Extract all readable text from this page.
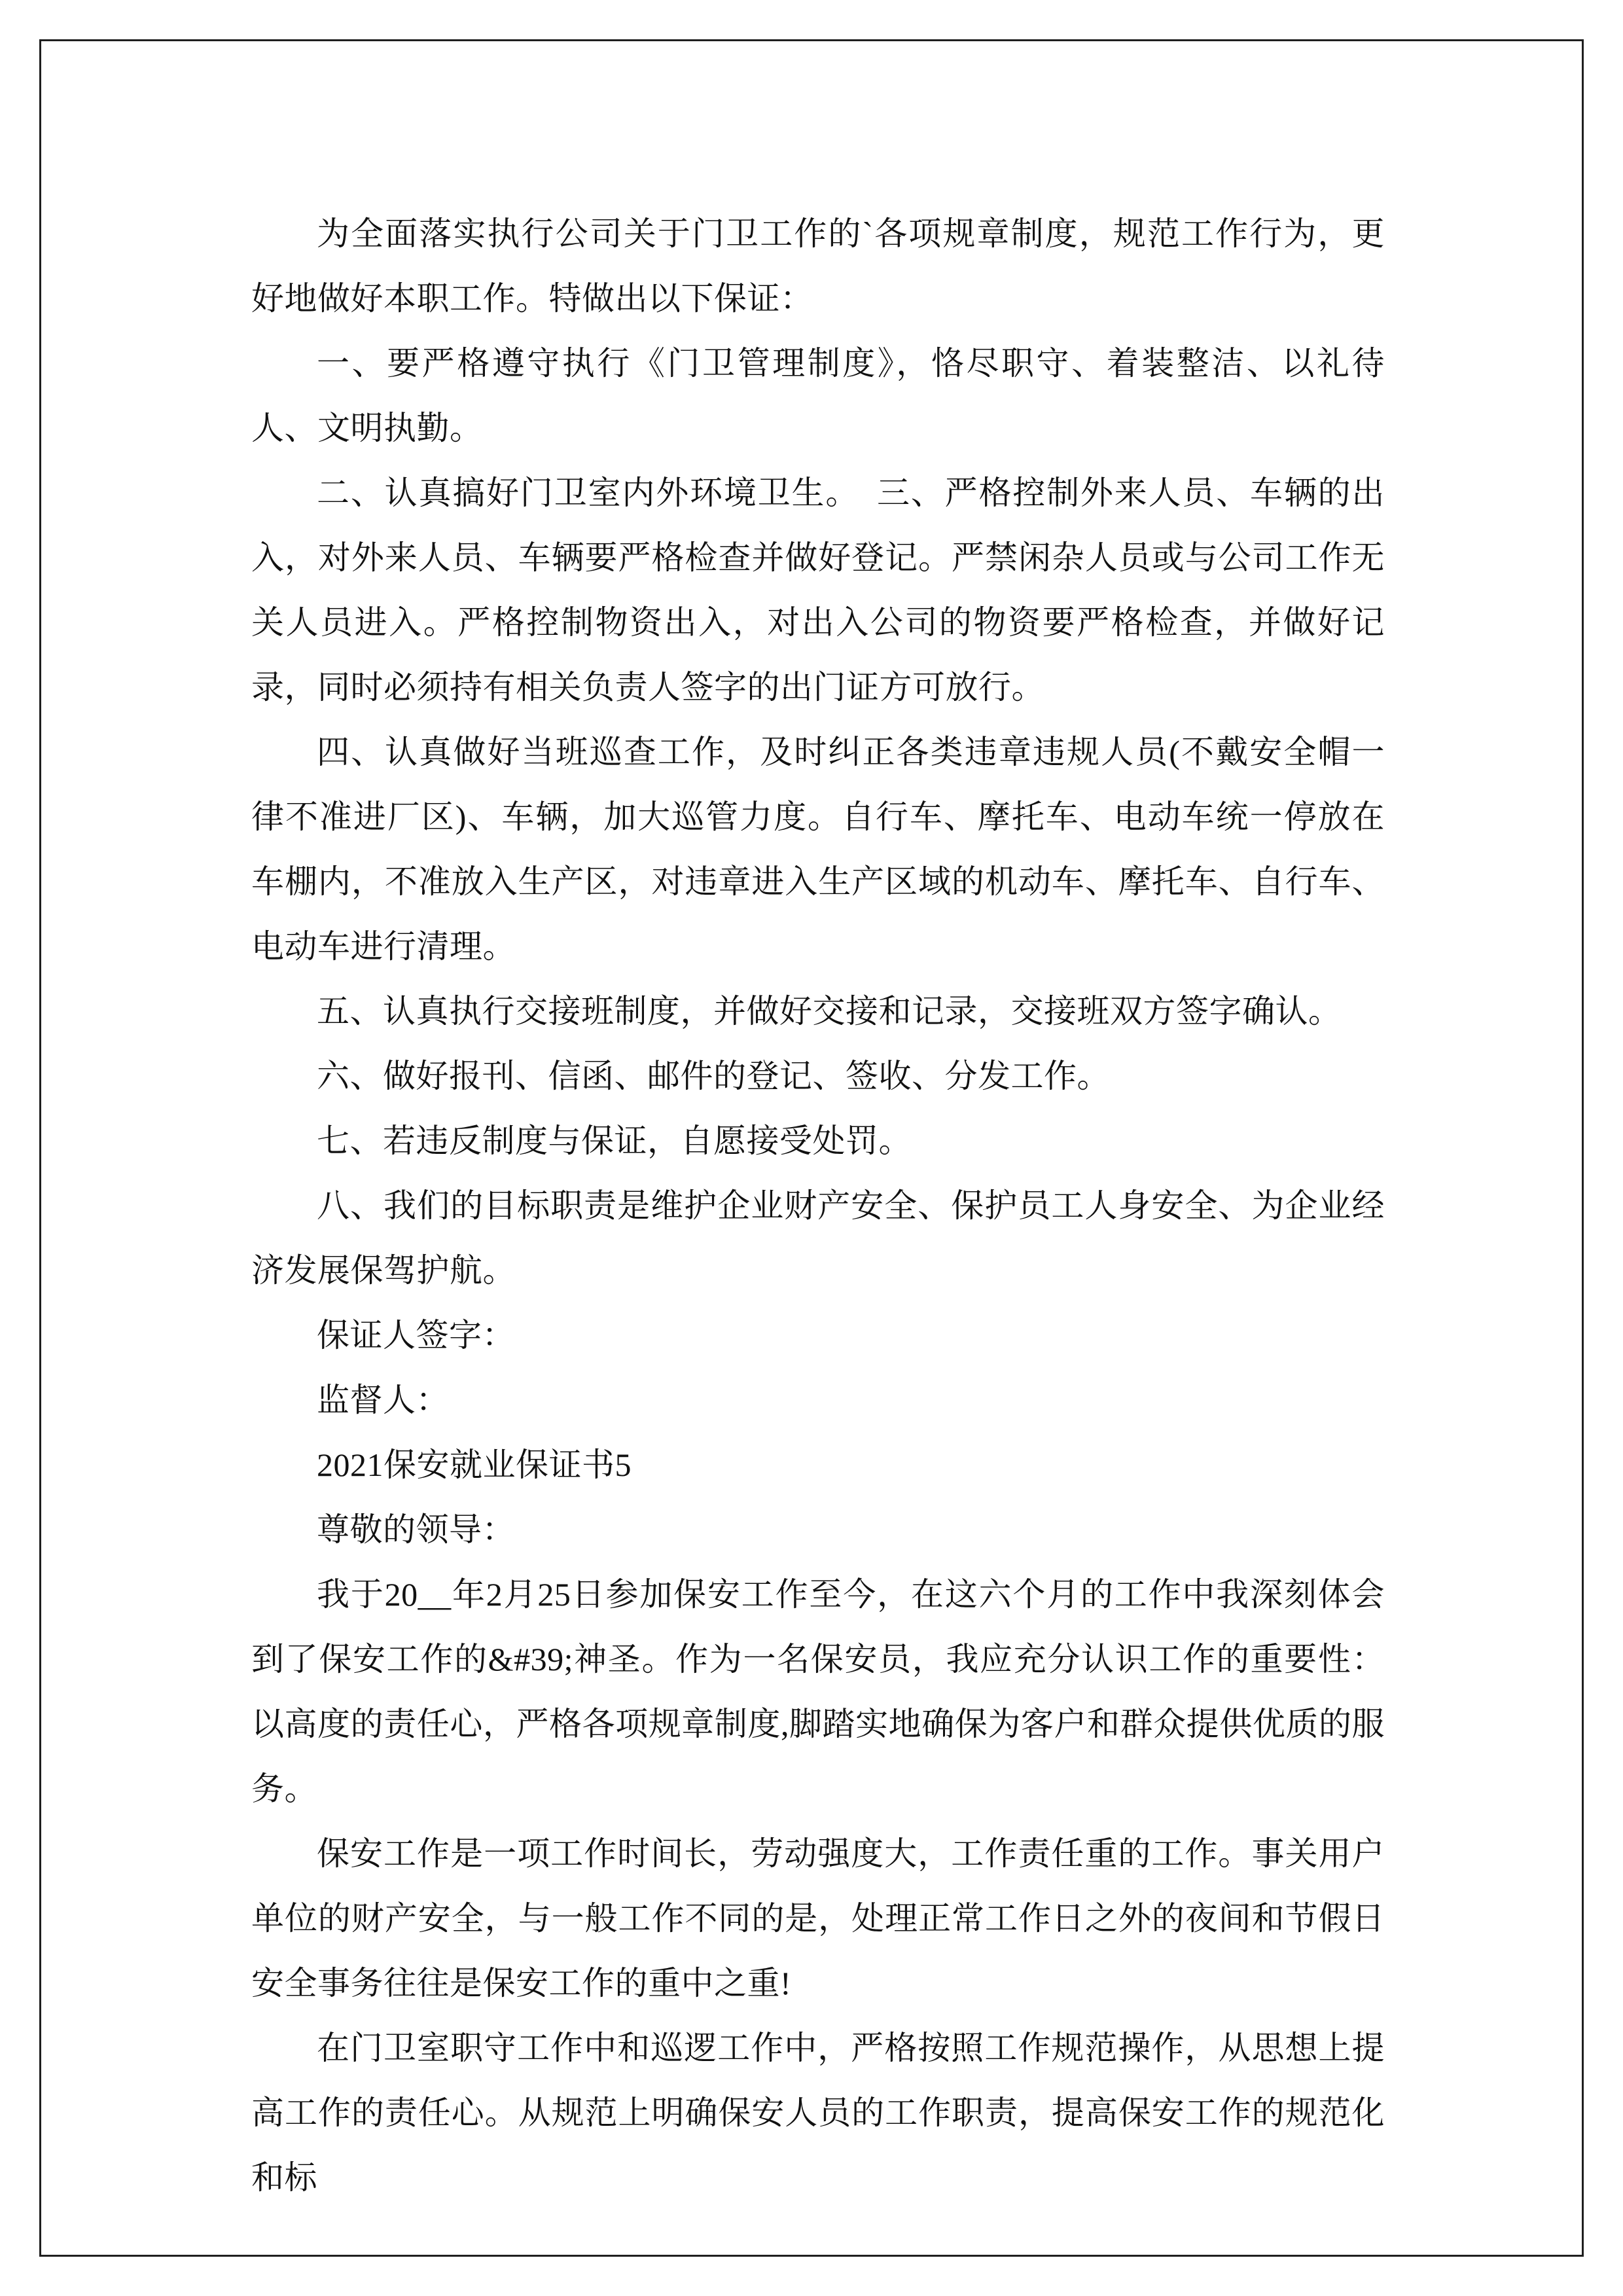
为全面落实执行公司关于门卫工作的`各项规章制度，规范工作行为，更好地做好本职工作。特做出以下保证：

一、要严格遵守执行《门卫管理制度》，恪尽职守、着装整洁、以礼待人、文明执勤。

二、认真搞好门卫室内外环境卫生。　三、严格控制外来人员、车辆的出入，对外来人员、车辆要严格检查并做好登记。严禁闲杂人员或与公司工作无关人员进入。严格控制物资出入，对出入公司的物资要严格检查，并做好记录，同时必须持有相关负责人签字的出门证方可放行。

四、认真做好当班巡查工作，及时纠正各类违章违规人员(不戴安全帽一律不准进厂区)、车辆，加大巡管力度。自行车、摩托车、电动车统一停放在车棚内，不准放入生产区，对违章进入生产区域的机动车、摩托车、自行车、电动车进行清理。

五、认真执行交接班制度，并做好交接和记录，交接班双方签字确认。

六、做好报刊、信函、邮件的登记、签收、分发工作。

七、若违反制度与保证，自愿接受处罚。

八、我们的目标职责是维护企业财产安全、保护员工人身安全、为企业经济发展保驾护航。

保证人签字：

监督人：

2021保安就业保证书5

尊敬的领导：

我于20__年2月25日参加保安工作至今，在这六个月的工作中我深刻体会到了保安工作的&#39;神圣。作为一名保安员，我应充分认识工作的重要性：以高度的责任心，严格各项规章制度,脚踏实地确保为客户和群众提供优质的服务。

保安工作是一项工作时间长，劳动强度大，工作责任重的工作。事关用户单位的财产安全，与一般工作不同的是，处理正常工作日之外的夜间和节假日安全事务往往是保安工作的重中之重!

在门卫室职守工作中和巡逻工作中，严格按照工作规范操作，从思想上提高工作的责任心。从规范上明确保安人员的工作职责，提高保安工作的规范化和标
